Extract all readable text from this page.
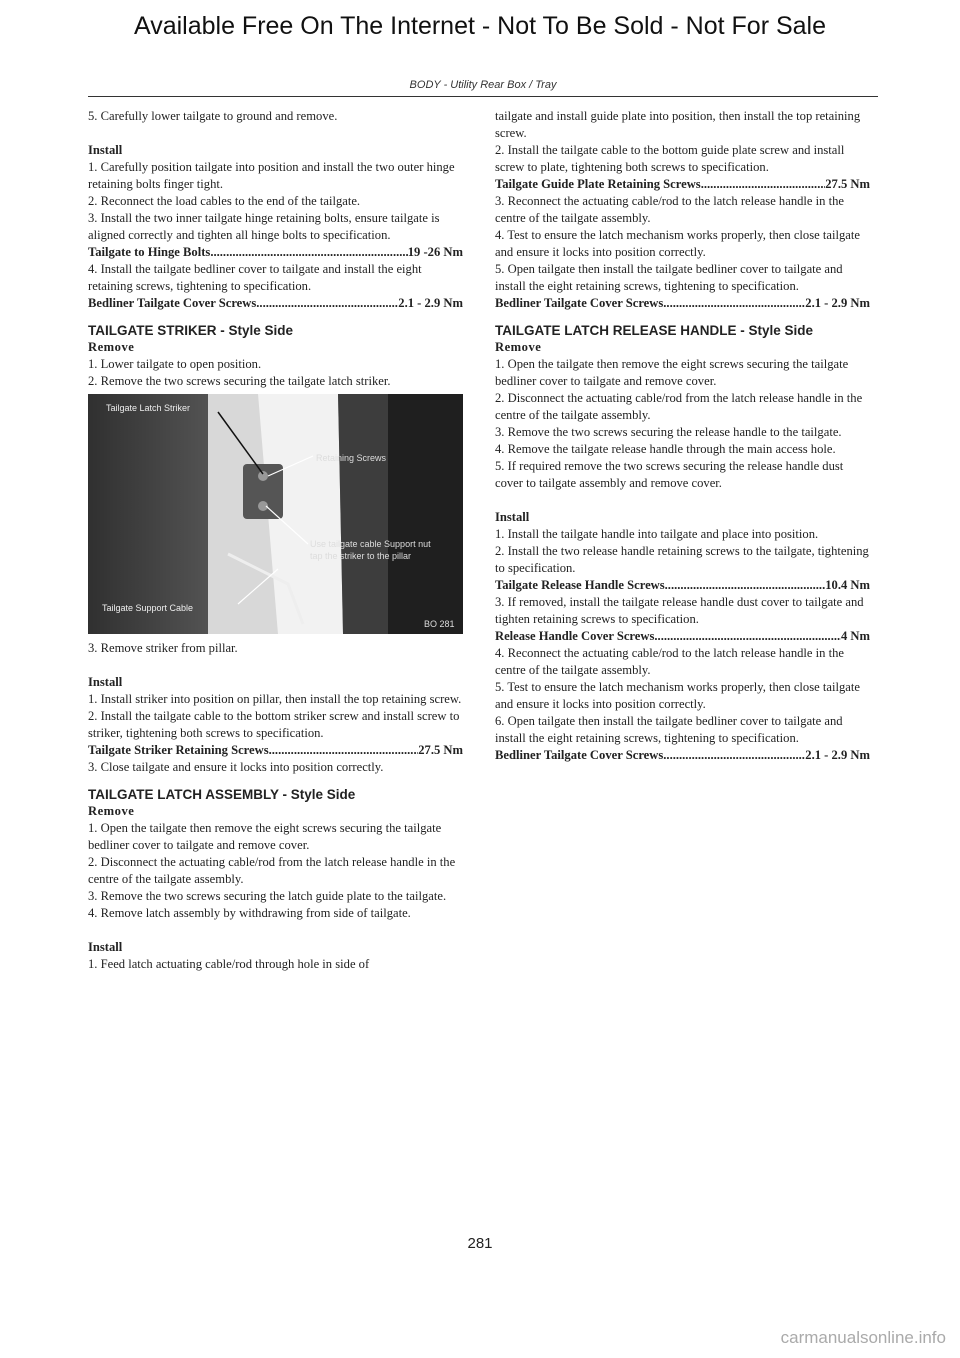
Available Free On The Internet - Not To Be Sold - Not For Sale
BODY - Utility Rear Box / Tray

5. Carefully lower tailgate to ground and remove.

Install

1. Carefully position tailgate into position and install the two outer hinge retaining bolts finger tight.

2. Reconnect the load cables to the end of the tailgate.

3. Install the two inner tailgate hinge retaining bolts, ensure tailgate is aligned correctly and tighten all hinge bolts to specification.

Tailgate to Hinge Bolts .....	19 -26 Nm

4. Install the tailgate bedliner cover to tailgate and install the eight retaining screws, tightening to specification.

Bedliner Tailgate Cover Screws .....	2.1 - 2.9 Nm

TAILGATE STRIKER - Style Side

Remove

1. Lower tailgate to open position.

2. Remove the two screws securing the tailgate latch striker.

Tailgate Latch Striker
Retaining Screws
Use tailgate cable Support nut
tap the striker to the pillar
Tailgate Support Cable
BO 281

3. Remove striker from pillar.

Install

1. Install striker into position on pillar, then install the top retaining screw.

2. Install the tailgate cable to the bottom striker screw and install screw to striker, tightening both screws to specification.

Tailgate Striker Retaining Screws .....	27.5 Nm

3. Close tailgate and ensure it locks into position correctly.

TAILGATE LATCH ASSEMBLY - Style Side

Remove

1. Open the tailgate then remove the eight screws securing the tailgate bedliner cover to tailgate and remove cover.

2. Disconnect the actuating cable/rod from the latch release handle in the centre of the tailgate assembly.

3. Remove the two screws securing the latch guide plate to the tailgate.

4. Remove latch assembly by withdrawing from side of tailgate.

Install

1. Feed latch actuating cable/rod through hole in side of

tailgate and install guide plate into position, then install the top retaining screw.

2. Install the tailgate cable to the bottom guide plate screw and install screw to plate, tightening both screws to specification.

Tailgate Guide Plate Retaining Screws .....	27.5 Nm

3. Reconnect the actuating cable/rod to the latch release handle in the centre of the tailgate assembly.

4. Test to ensure the latch mechanism works properly, then close tailgate and ensure it locks into position correctly.

5. Open tailgate then install the tailgate bedliner cover to tailgate and install the eight retaining screws, tightening to specification.

Bedliner Tailgate Cover Screws .....	2.1 - 2.9 Nm

TAILGATE LATCH RELEASE HANDLE - Style Side

Remove

1. Open the tailgate then remove the eight screws securing the tailgate bedliner cover to tailgate and remove cover.

2. Disconnect the actuating cable/rod from the latch release handle in the centre of the tailgate assembly.

3. Remove the two screws securing the release handle to the tailgate.

4. Remove the tailgate release handle through the main access hole.

5. If required remove the two screws securing the release handle dust cover to tailgate assembly and remove cover.

Install

1. Install the tailgate handle into tailgate and place into position.

2. Install the two release handle retaining screws to the tailgate, tightening to specification.

Tailgate Release Handle Screws .....	10.4 Nm

3. If removed, install the tailgate release handle dust cover to tailgate and tighten retaining screws to specification.

Release Handle Cover Screws .....	4 Nm

4. Reconnect the actuating cable/rod to the latch release handle in the centre of the tailgate assembly.

5. Test to ensure the latch mechanism works properly, then close tailgate and ensure it locks into position correctly.

6. Open tailgate then install the tailgate bedliner cover to tailgate and install the eight retaining screws, tightening to specification.

Bedliner Tailgate Cover Screws .....	2.1 - 2.9 Nm
281
carmanualsonline.info
